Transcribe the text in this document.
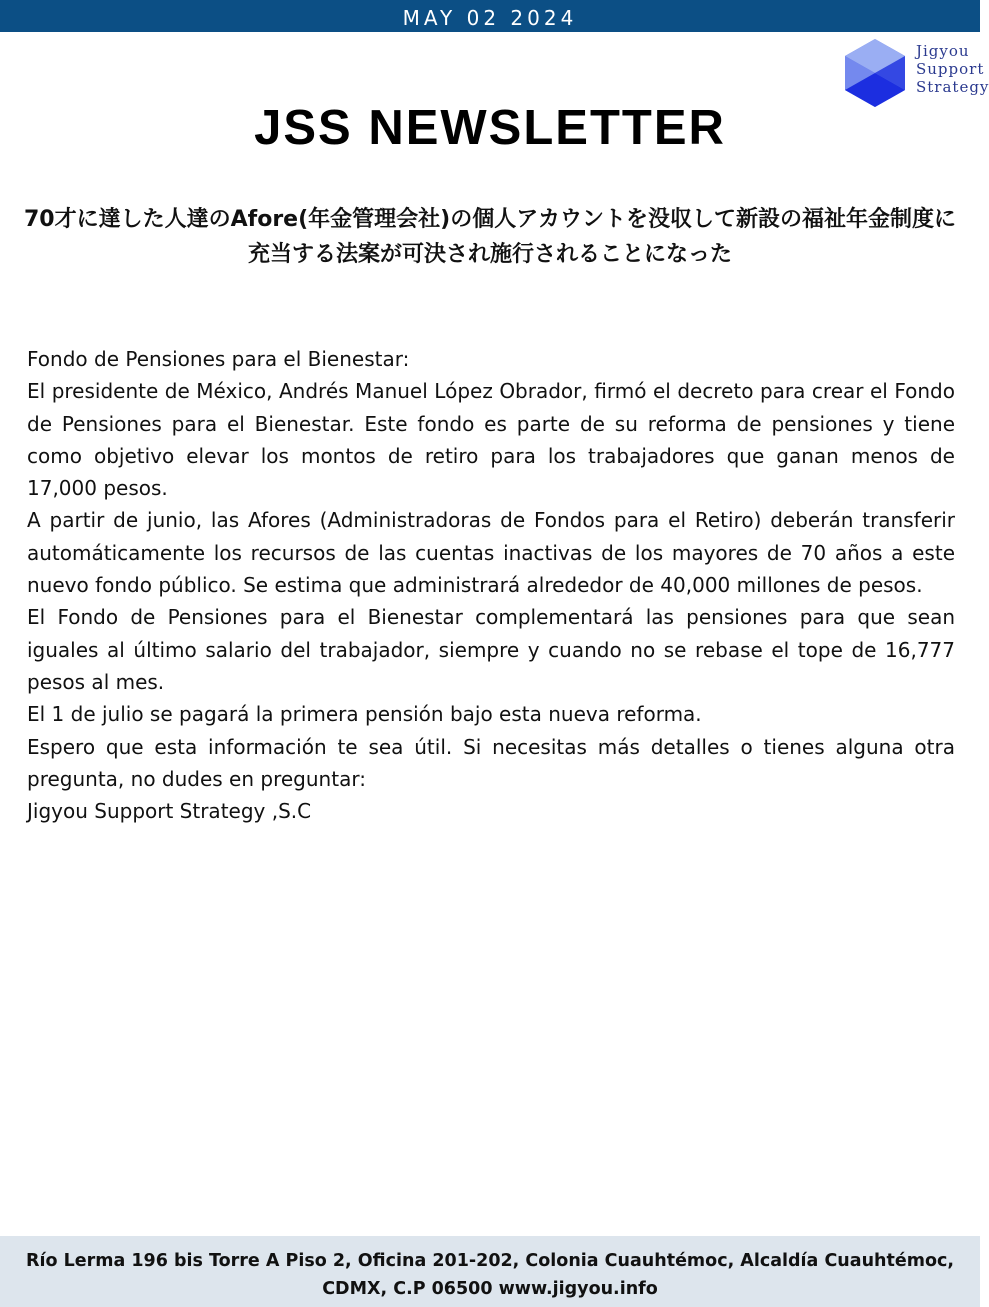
MAY 02 2024
Jigyou
Support
Strategy
JSS NEWSLETTER
70才に達した人達のAfore(年金管理会社)の個人アカウントを没収して新設の福祉年金制度に充当する法案が可決され施行されることになった

Fondo de Pensiones para el Bienestar:

El presidente de México, Andrés Manuel López Obrador, firmó el decreto para crear el Fondo de Pensiones para el Bienestar. Este fondo es parte de su reforma de pensiones y tiene como objetivo elevar los montos de retiro para los trabajadores que ganan menos de 17,000 pesos.

A partir de junio, las Afores (Administradoras de Fondos para el Retiro) deberán transferir automáticamente los recursos de las cuentas inactivas de los mayores de 70 años a este nuevo fondo público. Se estima que administrará alrededor de 40,000 millones de pesos.

El Fondo de Pensiones para el Bienestar complementará las pensiones para que sean iguales al último salario del trabajador, siempre y cuando no se rebase el tope de 16,777 pesos al mes.

El 1 de julio se pagará la primera pensión bajo esta nueva reforma.

Espero que esta información te sea útil. Si necesitas más detalles o tienes alguna otra pregunta, no dudes en preguntar:

Jigyou Support Strategy ,S.C

Río Lerma 196 bis Torre A Piso 2, Oficina 201-202, Colonia Cuauhtémoc, Alcaldía Cuauhtémoc,
CDMX, C.P 06500 www.jigyou.info
